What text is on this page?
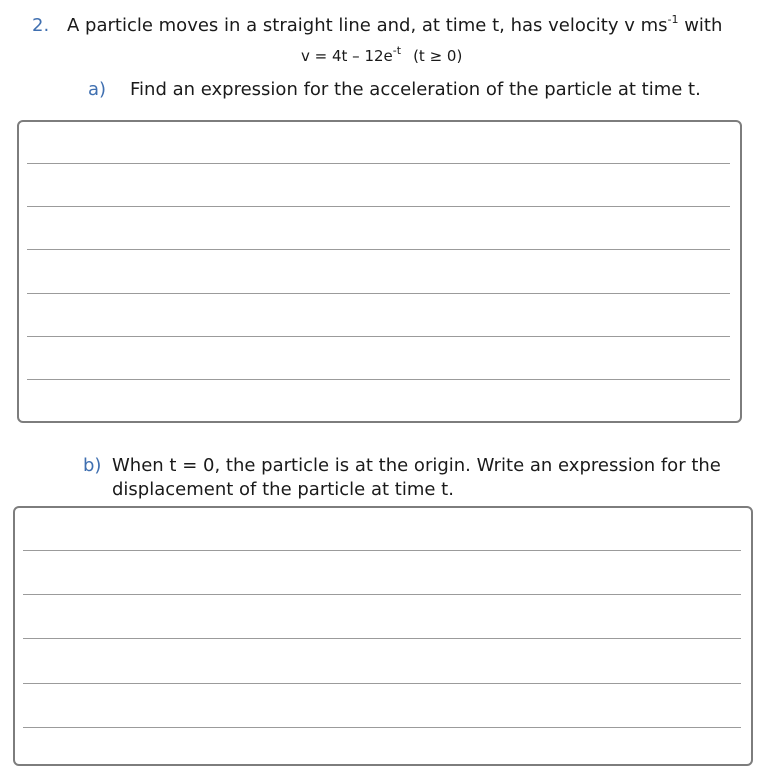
2. A particle moves in a straight line and, at time t, has velocity v $ms^{-1}$ with
$v = 4t - 12e^{-t}$ (t ≥ 0)
a) Find an expression for the acceleration of the particle at time t.
b) When t = 0, the particle is at the origin. Write an expression for the
displacement of the particle at time t.
